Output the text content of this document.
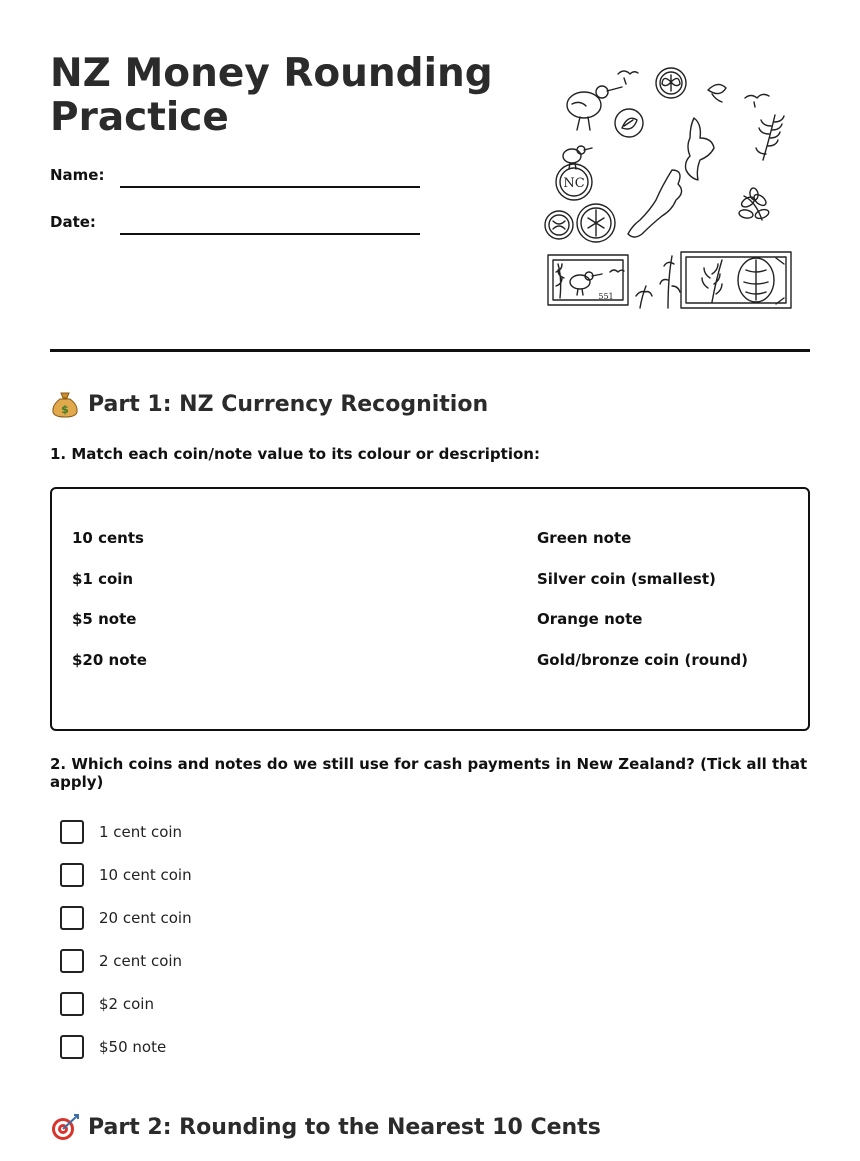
NZ Money Rounding Practice
Name:
Date:
NC
551
$ Part 1: NZ Currency Recognition
1. Match each coin/note value to its colour or description:
10 cents
$1 coin
$5 note
$20 note
Green note
Silver coin (smallest)
Orange note
Gold/bronze coin (round)
2. Which coins and notes do we still use for cash payments in New Zealand? (Tick all that apply)
1 cent coin
10 cent coin
20 cent coin
2 cent coin
$2 coin
$50 note
Part 2: Rounding to the Nearest 10 Cents
